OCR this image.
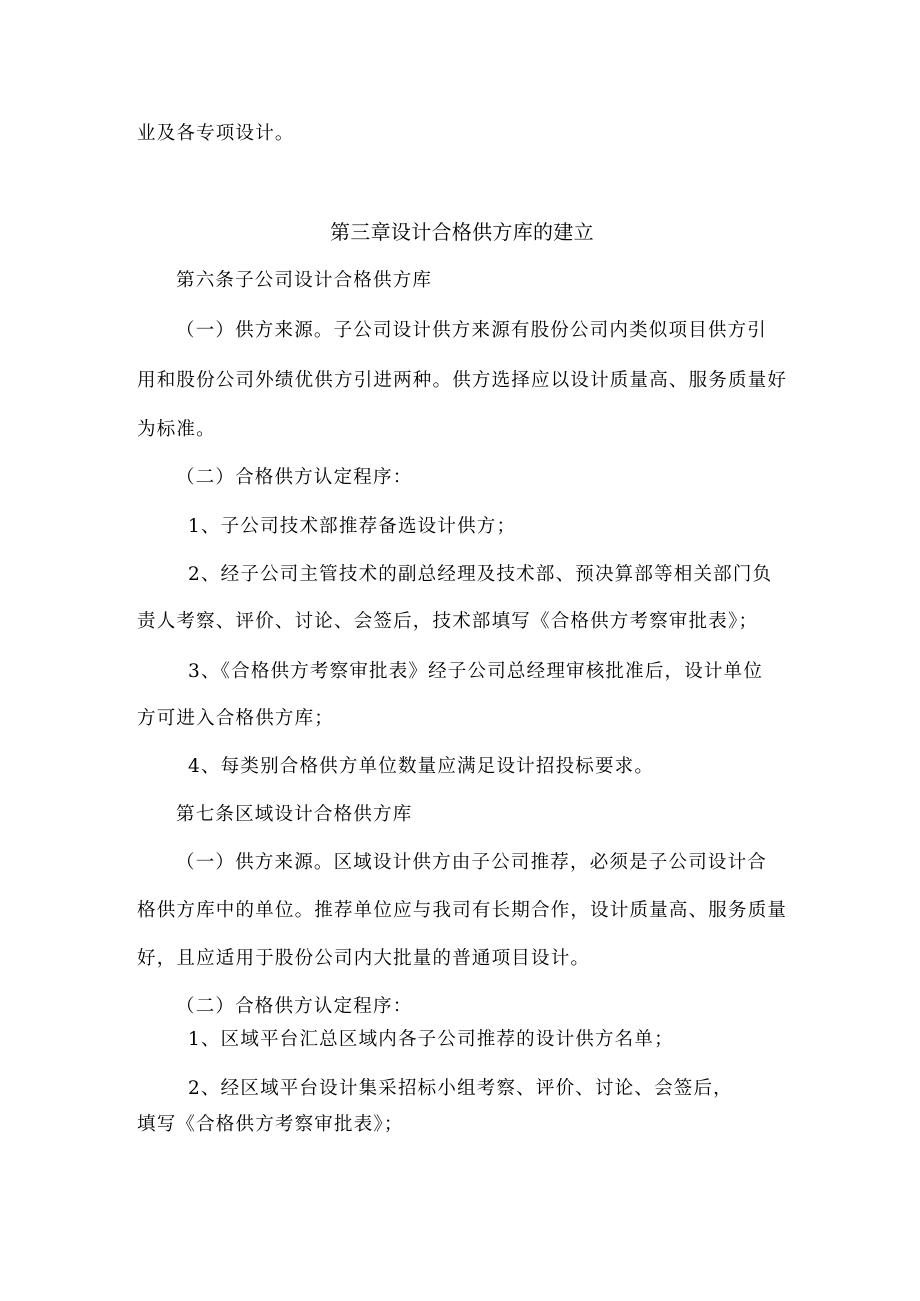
业及各专项设计。
第三章设计合格供方库的建立
第六条子公司设计合格供方库
（一）供方来源。子公司设计供方来源有股份公司内类似项目供方引
用和股份公司外绩优供方引进两种。供方选择应以设计质量高、服务质量好
为标准。
（二）合格供方认定程序：
1、子公司技术部推荐备选设计供方；
2、经子公司主管技术的副总经理及技术部、预决算部等相关部门负
责人考察、评价、讨论、会签后，技术部填写《合格供方考察审批表》；
3、《合格供方考察审批表》经子公司总经理审核批准后，设计单位
方可进入合格供方库；
4、每类别合格供方单位数量应满足设计招投标要求。
第七条区域设计合格供方库
（一）供方来源。区域设计供方由子公司推荐，必须是子公司设计合
格供方库中的单位。推荐单位应与我司有长期合作，设计质量高、服务质量
好，且应适用于股份公司内大批量的普通项目设计。
（二）合格供方认定程序：
1、区域平台汇总区域内各子公司推荐的设计供方名单；
2、经区域平台设计集采招标小组考察、评价、讨论、会签后，
填写《合格供方考察审批表》；
